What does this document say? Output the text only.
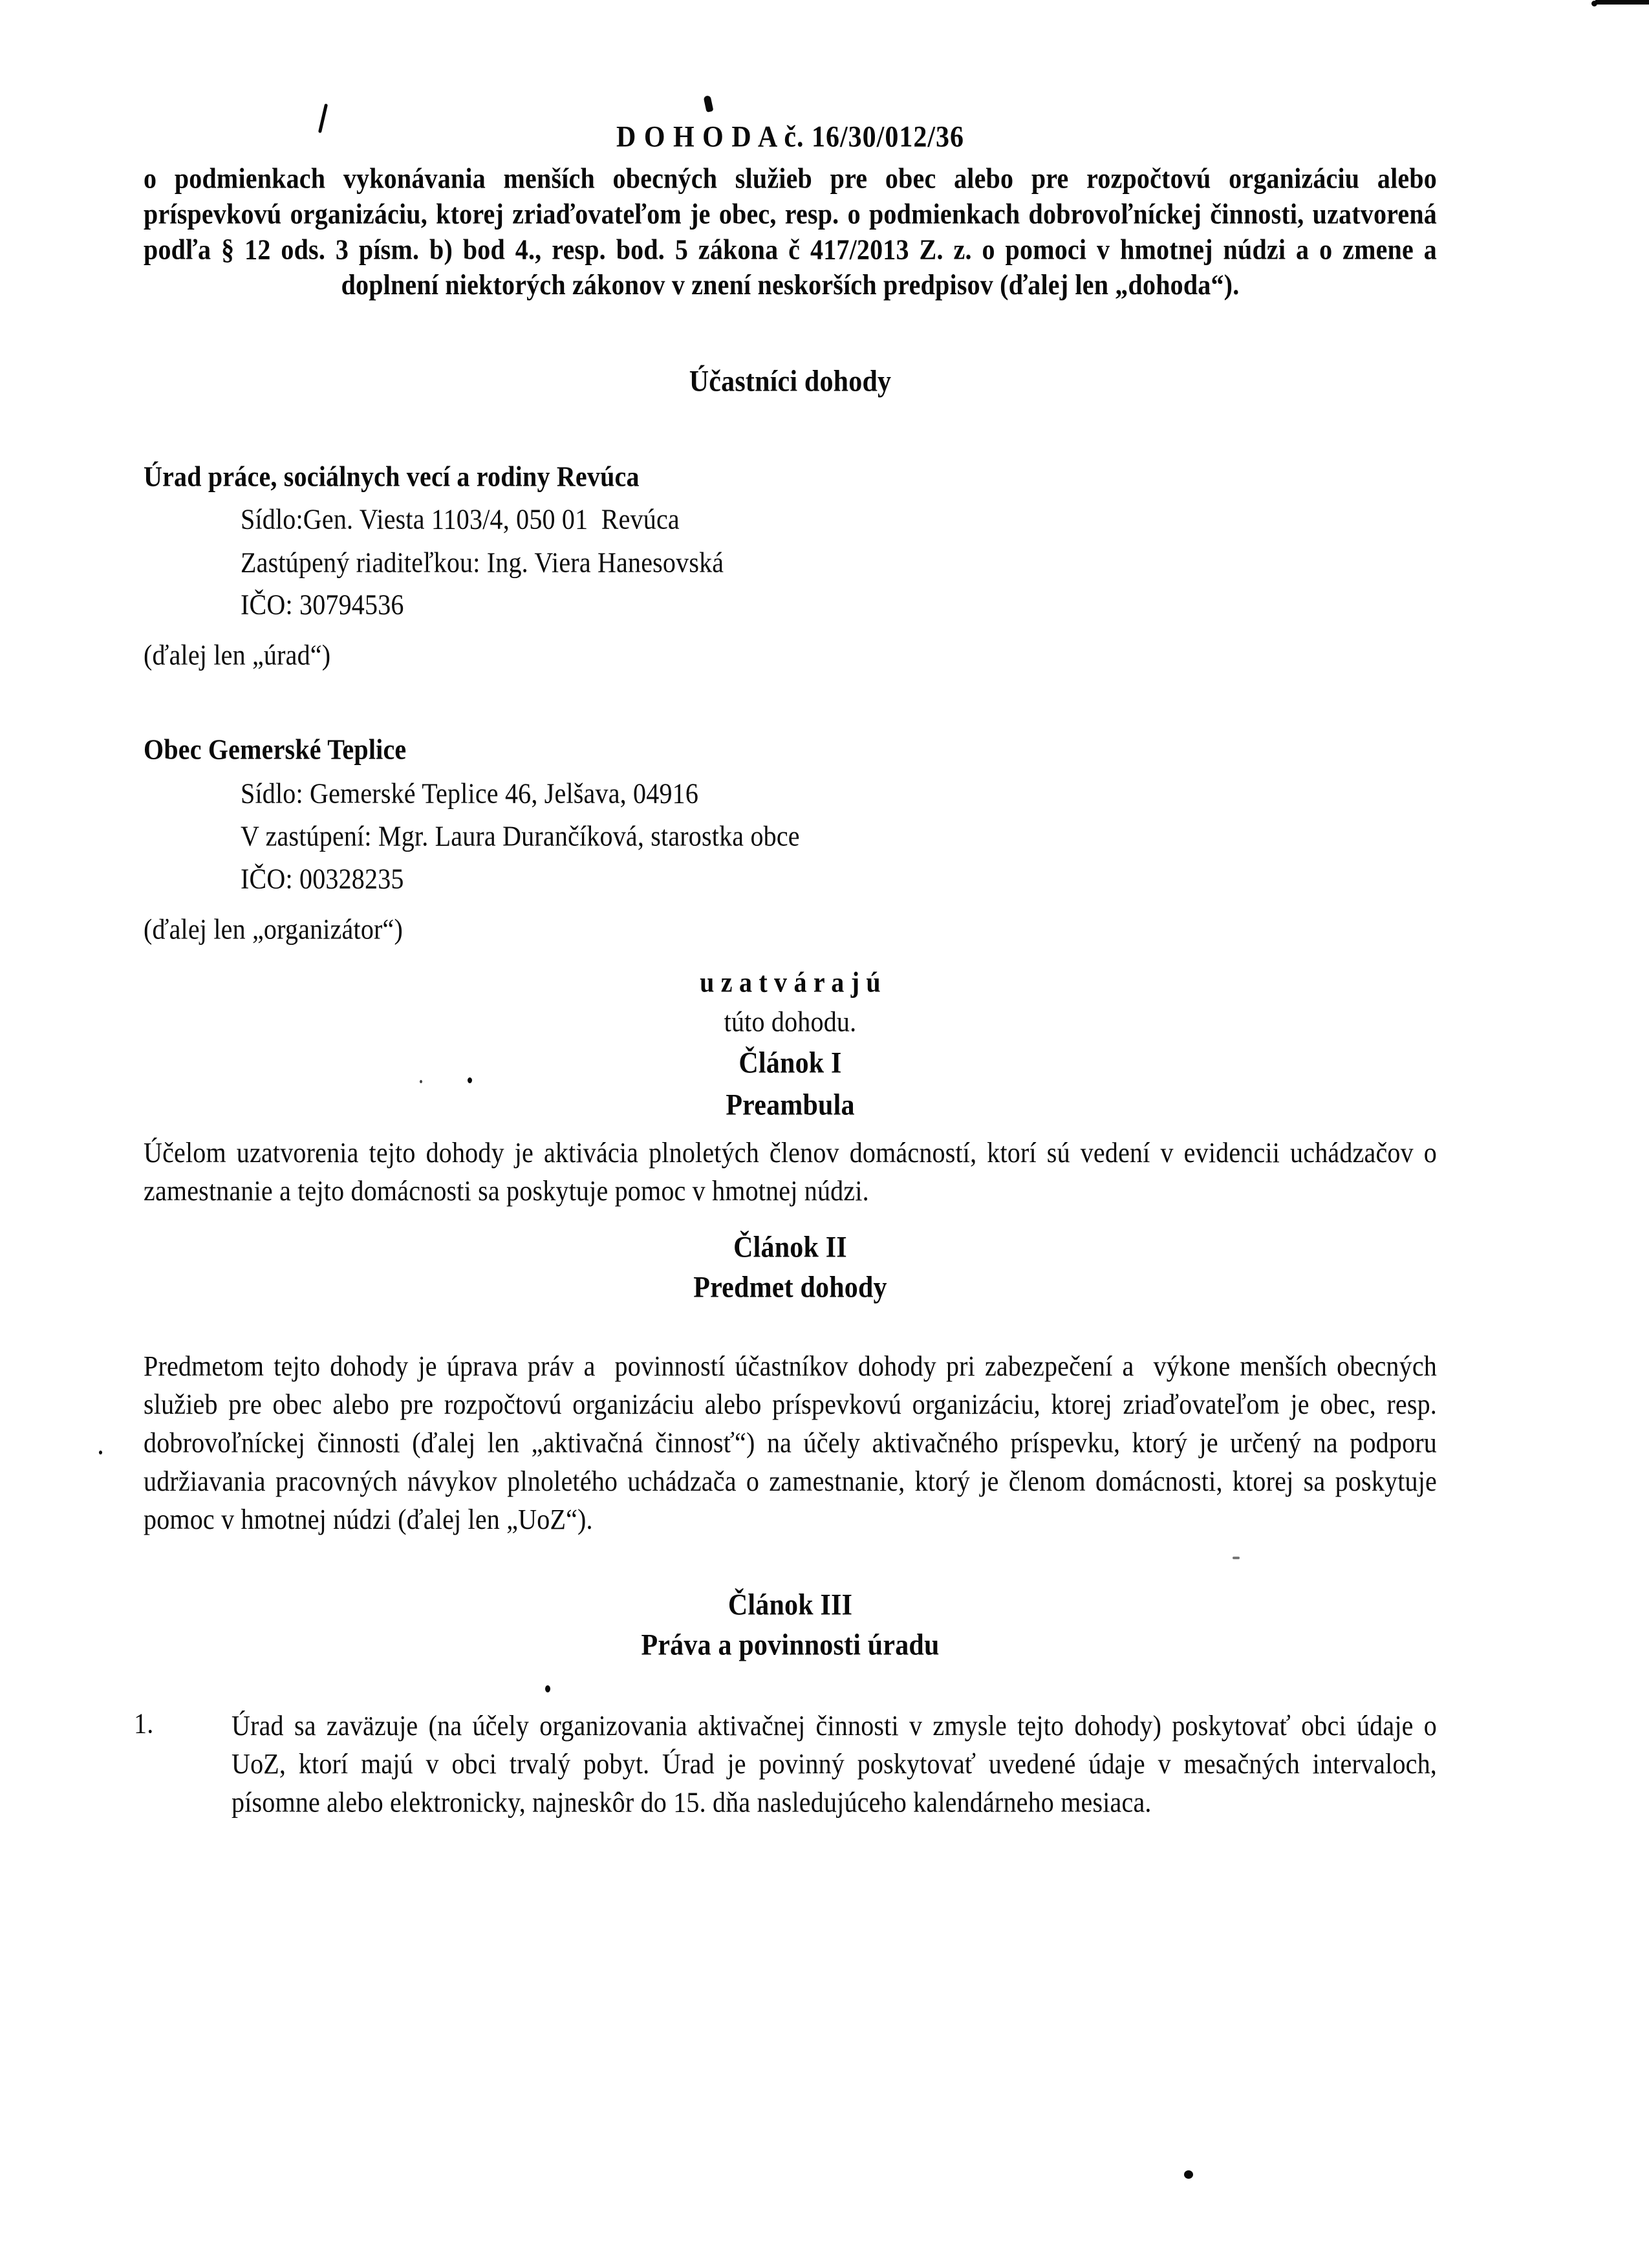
D O H O D A č. 16/30/012/36
o podmienkach vykonávania menších obecných služieb pre obec alebo pre rozpočtovú organizáciu alebo príspevkovú organizáciu, ktorej zriaďovateľom je obec, resp. o podmienkach dobrovoľníckej činnosti, uzatvorená podľa § 12 ods. 3 písm. b) bod 4., resp. bod. 5 zákona č 417/2013 Z. z. o pomoci v hmotnej núdzi a o zmene a doplnení niektorých zákonov v znení neskorších predpisov (ďalej len „dohoda“).
Účastníci dohody
Úrad práce, sociálnych vecí a rodiny Revúca
Sídlo:Gen. Viesta 1103/4, 050 01  Revúca
Zastúpený riaditeľkou: Ing. Viera Hanesovská
IČO: 30794536
(ďalej len „úrad“)
Obec Gemerské Teplice
Sídlo: Gemerské Teplice 46, Jelšava, 04916
V zastúpení: Mgr. Laura Durančíková, starostka obce
IČO: 00328235
(ďalej len „organizátor“)
u z a t v á r a j ú
túto dohodu.
Článok I
Preambula
Účelom uzatvorenia tejto dohody je aktivácia plnoletých členov domácností, ktorí sú vedení v evidencii uchádzačov o zamestnanie a tejto domácnosti sa poskytuje pomoc v hmotnej núdzi.
Článok II
Predmet dohody
Predmetom tejto dohody je úprava práv a  povinností účastníkov dohody pri zabezpečení a  výkone menších obecných služieb pre obec alebo pre rozpočtovú organizáciu alebo príspevkovú organizáciu, ktorej zriaďovateľom je obec, resp. dobrovoľníckej činnosti (ďalej len „aktivačná činnosť“) na účely aktivačného príspevku, ktorý je určený na podporu udržiavania pracovných návykov plnoletého uchádzača o zamestnanie, ktorý je členom domácnosti, ktorej sa poskytuje pomoc v hmotnej núdzi (ďalej len „UoZ“).
Článok III
Práva a povinnosti úradu
1.	Úrad sa zaväzuje (na účely organizovania aktivačnej činnosti v zmysle tejto dohody) poskytovať obci údaje o UoZ, ktorí majú v obci trvalý pobyt. Úrad je povinný poskytovať uvedené údaje v mesačných intervaloch, písomne alebo elektronicky, najneskôr do 15. dňa nasledujúceho kalendárneho mesiaca.
